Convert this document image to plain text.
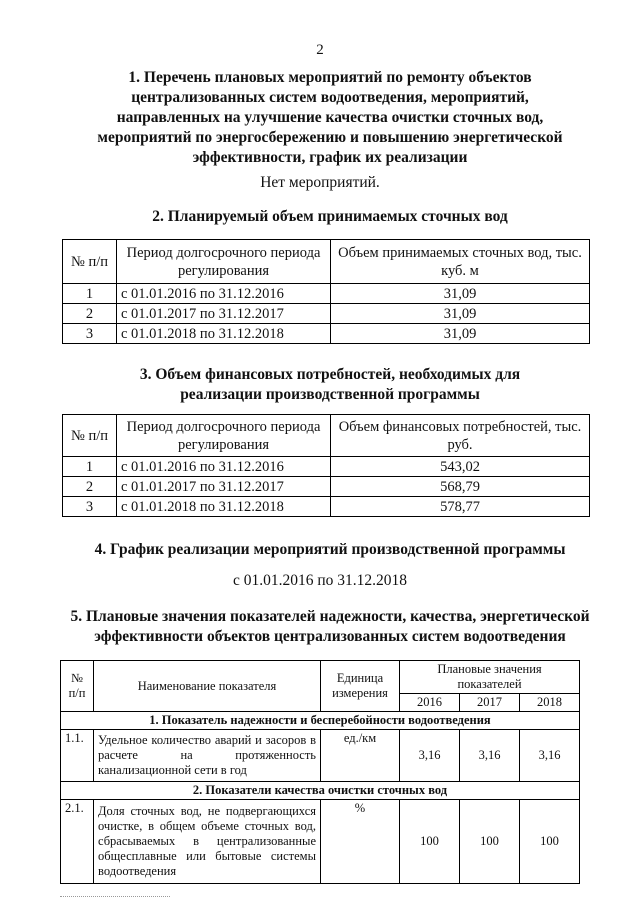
2
1. Перечень плановых мероприятий по ремонту объектов
централизованных систем водоотведения, мероприятий,
направленных на улучшение качества очистки сточных вод,
мероприятий по энергосбережению и повышению энергетической
эффективности, график их реализации
Нет мероприятий.
2. Планируемый объем принимаемых сточных вод
№ п/п	Период долгосрочного периода регулирования	Объем принимаемых сточных вод, тыс. куб. м
1	с 01.01.2016 по 31.12.2016	31,09
2	с 01.01.2017 по 31.12.2017	31,09
3	с 01.01.2018 по 31.12.2018	31,09
3. Объем финансовых потребностей, необходимых для
реализации производственной программы
№ п/п	Период долгосрочного периода регулирования	Объем финансовых потребностей, тыс. руб.
1	с 01.01.2016 по 31.12.2016	543,02
2	с 01.01.2017 по 31.12.2017	568,79
3	с 01.01.2018 по 31.12.2018	578,77
4. График реализации мероприятий производственной программы
с 01.01.2016 по 31.12.2018
5. Плановые значения показателей надежности, качества, энергетической
эффективности объектов централизованных систем водоотведения
№ п/п	Наименование показателя	Единица измерения	Плановые значения показателей		
			2016	2017	2018
1. Показатель надежности и бесперебойности водоотведения					
1.1.	Удельное количество аварий и засоров в расчете на протяженность канализационной сети в год	ед./км	3,16	3,16	3,16
2. Показатели качества очистки сточных вод					
2.1.	Доля сточных вод, не подвергающихся очистке, в общем объеме сточных вод, сбрасываемых в централизованные общесплавные или бытовые системы водоотведения	%	100	100	100
